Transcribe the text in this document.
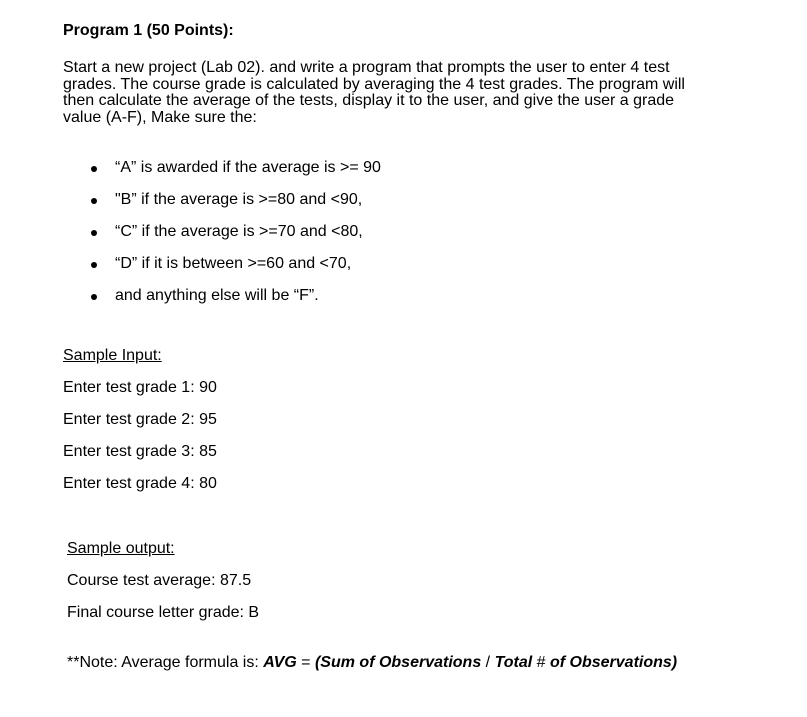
Program 1 (50 Points):
Start a new project (Lab 02). and write a program that prompts the user to enter 4 test grades. The course grade is calculated by averaging the 4 test grades. The program will then calculate the average of the tests, display it to the user, and give the user a grade value (A-F), Make sure the:
“A” is awarded if the average is >= 90
"B” if the average is >=80 and <90,
“C” if the average is >=70 and <80,
“D” if it is between >=60 and <70,
and anything else will be “F”.
Sample Input:
Enter test grade 1: 90
Enter test grade 2: 95
Enter test grade 3: 85
Enter test grade 4: 80
Sample output:
Course test average: 87.5
Final course letter grade: B
**Note: Average formula is: AVG = (Sum of Observations / Total # of Observations)
